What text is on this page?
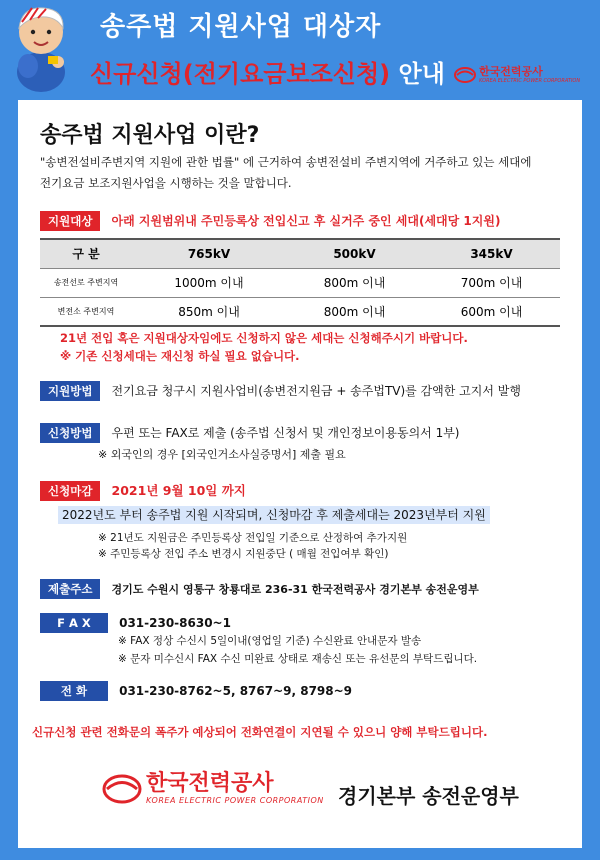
송주법 지원사업 대상자
신규신청(전기요금보조신청) 안내	한국전력공사
KOREA ELECTRIC POWER CORPORATION
송주법 지원사업 이란?
"송변전설비주변지역 지원에 관한 법률" 에 근거하여 송변전설비 주변지역에 거주하고 있는 세대에
전기요금 보조지원사업을 시행하는 것을 말합니다.
지원대상 아래 지원범위내 주민등록상 전입신고 후 실거주 중인 세대(세대당 1지원)
구 분	765kV	500kV	345kV
송전선로 주변지역	1000m 이내	800m 이내	700m 이내
변전소 주변지역	850m 이내	800m 이내	600m 이내
21년 전입 혹은 지원대상자임에도 신청하지 않은 세대는 신청해주시기 바랍니다.
※ 기존 신청세대는 재신청 하실 필요 없습니다.
지원방법 전기요금 청구시 지원사업비(송변전지원금 + 송주법TV)를 감액한 고지서 발행
신청방법 우편 또는 FAX로 제출 (송주법 신청서 및 개인정보이용동의서 1부)
※ 외국인의 경우 [외국인거소사실증명서] 제출 필요
신청마감 2021년 9월 10일 까지
2022년도 부터 송주법 지원 시작되며, 신청마감 후 제출세대는 2023년부터 지원
※ 21년도 지원금은 주민등록상 전입일 기준으로 산정하여 추가지원
※ 주민등록상 전입 주소 변경시 지원중단 ( 매월 전입여부 확인)
제출주소 경기도 수원시 영통구 창룡대로 236-31 한국전력공사 경기본부 송전운영부
F A X 031-230-8630~1
※ FAX 정상 수신시 5일이내(영업일 기준) 수신완료 안내문자 발송
※ 문자 미수신시 FAX 수신 미완료 상태로 재송신 또는 유선문의 부탁드립니다.
전 화	031-230-8762~5, 8767~9, 8798~9
신규신청 관련 전화문의 폭주가 예상되어 전화연결이 지연될 수 있으니 양해 부탁드립니다.
한국전력공사
KOREA ELECTRIC POWER CORPORATION 경기본부 송전운영부
